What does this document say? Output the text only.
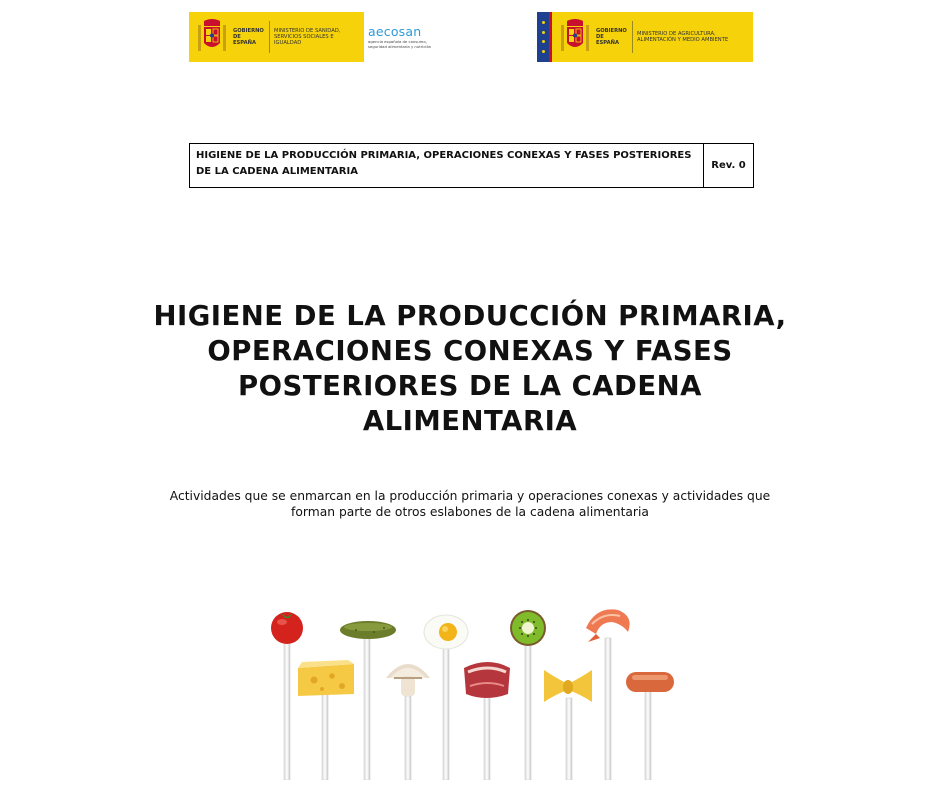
GOBIERNO DE ESPAÑA
MINISTERIO DE SANIDAD, SERVICIOS SOCIALES E IGUALDAD
aecosan
agencia española de consumo, seguridad alimentaria y nutrición
GOBIERNO DE ESPAÑA
MINISTERIO DE AGRICULTURA, ALIMENTACIÓN Y MEDIO AMBIENTE
HIGIENE DE LA PRODUCCIÓN PRIMARIA, OPERACIONES CONEXAS Y FASES POSTERIORES DE LA CADENA ALIMENTARIA
Rev. 0
HIGIENE DE LA PRODUCCIÓN PRIMARIA, OPERACIONES CONEXAS Y FASES POSTERIORES DE LA CADENA ALIMENTARIA
Actividades que se enmarcan en la producción primaria y operaciones conexas y actividades que forman parte de otros eslabones de la cadena alimentaria
